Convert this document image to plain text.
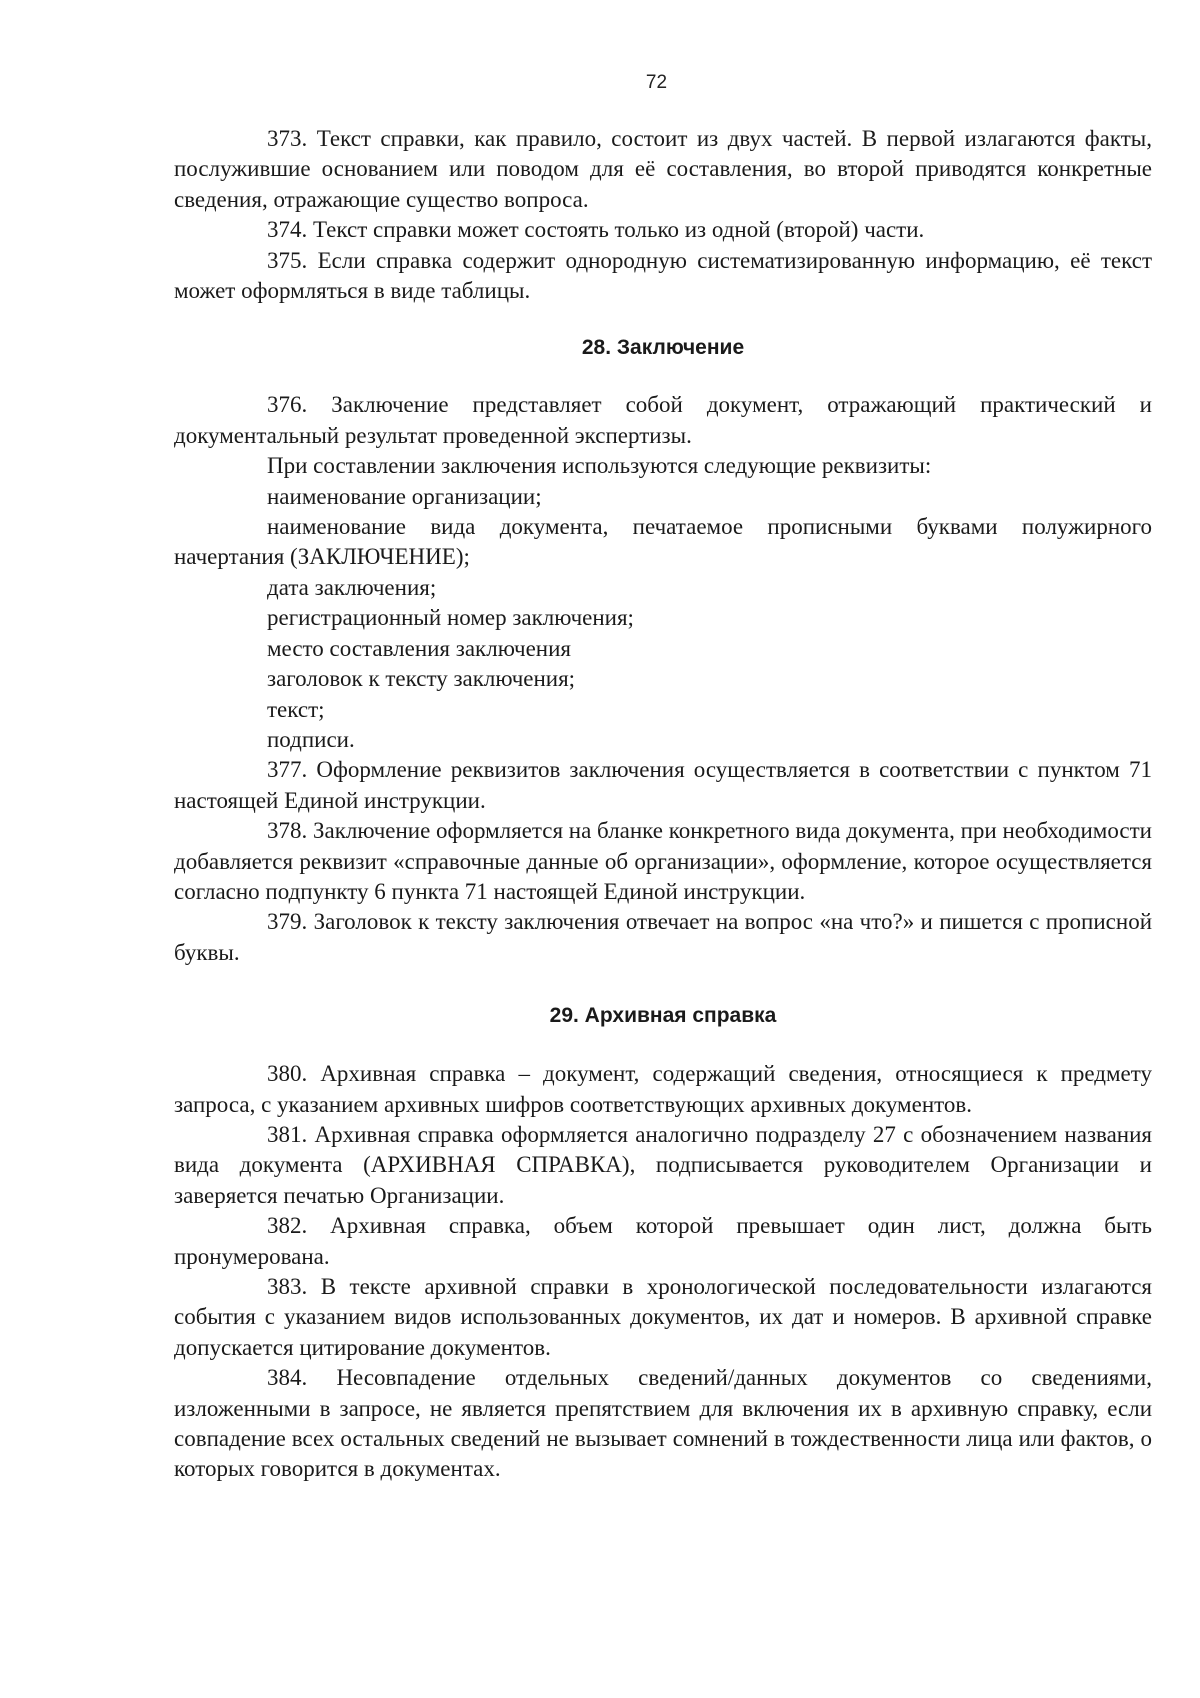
72

373. Текст справки, как правило, состоит из двух частей. В первой излагаются факты, послужившие основанием или поводом для её составления, во второй приводятся конкретные сведения, отражающие существо вопроса.

374. Текст справки может состоять только из одной (второй) части.

375. Если справка содержит однородную систематизированную информацию, её текст может оформляться в виде таблицы.

28. Заключение

376. Заключение представляет собой документ, отражающий практический и документальный результат проведенной экспертизы.

При составлении заключения используются следующие реквизиты:

наименование организации;

наименование вида документа, печатаемое прописными буквами полужирного начертания (ЗАКЛЮЧЕНИЕ);

дата заключения;

регистрационный номер заключения;

место составления заключения

заголовок к тексту заключения;

текст;

подписи.

377. Оформление реквизитов заключения осуществляется в соответствии с пунктом 71 настоящей Единой инструкции.

378. Заключение оформляется на бланке конкретного вида документа, при необходимости добавляется реквизит «справочные данные об организации», оформление, которое осуществляется согласно подпункту 6 пункта 71 настоящей Единой инструкции.

379. Заголовок к тексту заключения отвечает на вопрос «на что?» и пишется с прописной буквы.

29. Архивная справка

380. Архивная справка – документ, содержащий сведения, относящиеся к предмету запроса, с указанием архивных шифров соответствующих архивных документов.

381. Архивная справка оформляется аналогично подразделу 27 с обозначением названия вида документа (АРХИВНАЯ СПРАВКА), подписывается руководителем Организации и заверяется печатью Организации.

382. Архивная справка, объем которой превышает один лист, должна быть пронумерована.

383. В тексте архивной справки в хронологической последовательности излагаются события с указанием видов использованных документов, их дат и номеров. В архивной справке допускается цитирование документов.

384. Несовпадение отдельных сведений/данных документов со сведениями, изложенными в запросе, не является препятствием для включения их в архивную справку, если совпадение всех остальных сведений не вызывает сомнений в тождественности лица или фактов, о которых говорится в документах.
